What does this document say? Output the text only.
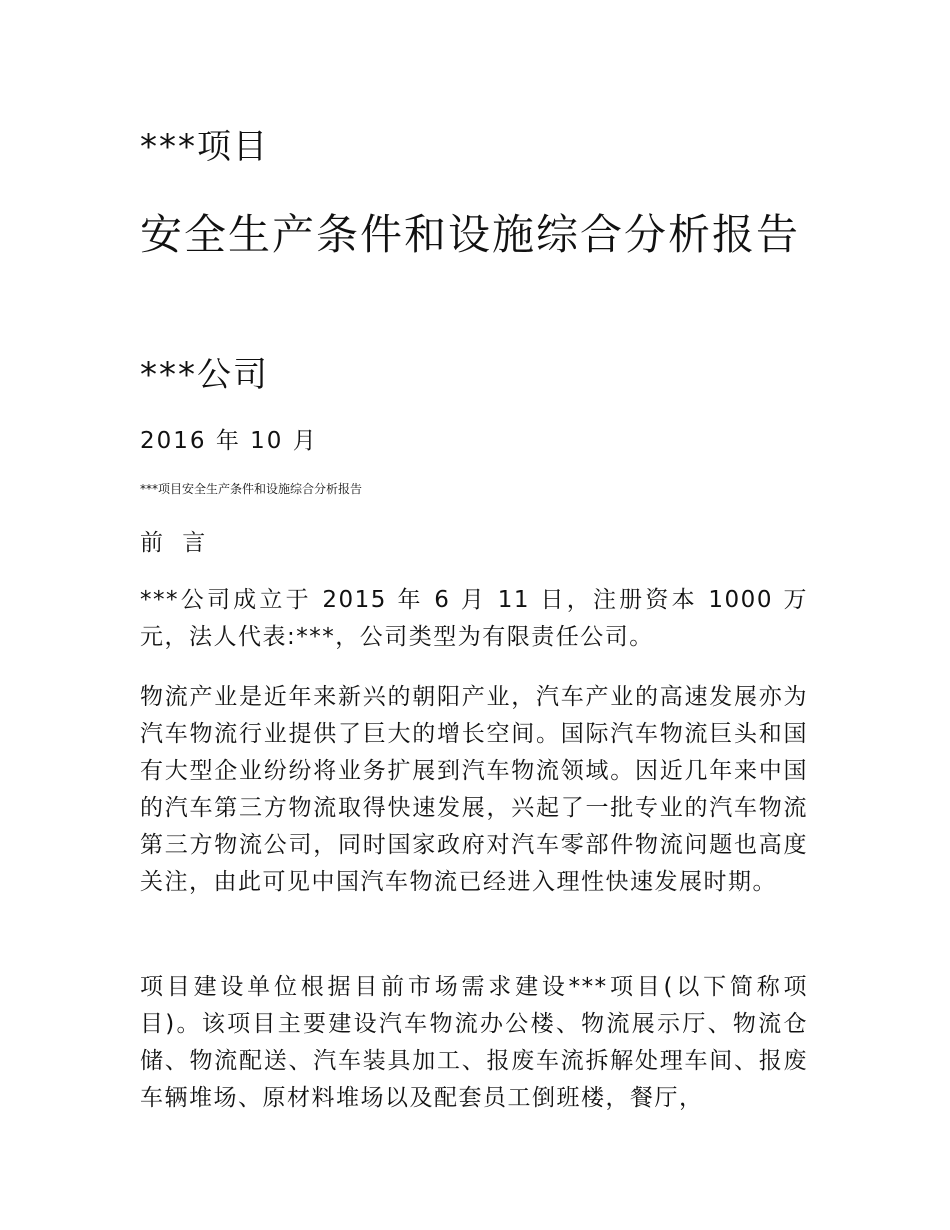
***项目
安全生产条件和设施综合分析报告
***公司
2016 年 10 月
***项目安全生产条件和设施综合分析报告
前 言

***公司成立于 2015 年 6 月 11 日，注册资本 1000 万元，法人代表:***，公司类型为有限责任公司。

物流产业是近年来新兴的朝阳产业，汽车产业的高速发展亦为汽车物流行业提供了巨大的增长空间。国际汽车物流巨头和国有大型企业纷纷将业务扩展到汽车物流领域。因近几年来中国的汽车第三方物流取得快速发展，兴起了一批专业的汽车物流第三方物流公司，同时国家政府对汽车零部件物流问题也高度关注，由此可见中国汽车物流已经进入理性快速发展时期。

项目建设单位根据目前市场需求建设***项目(以下简称项目)。该项目主要建设汽车物流办公楼、物流展示厅、物流仓储、物流配送、汽车装具加工、报废车流拆解处理车间、报废车辆堆场、原材料堆场以及配套员工倒班楼，餐厅，
